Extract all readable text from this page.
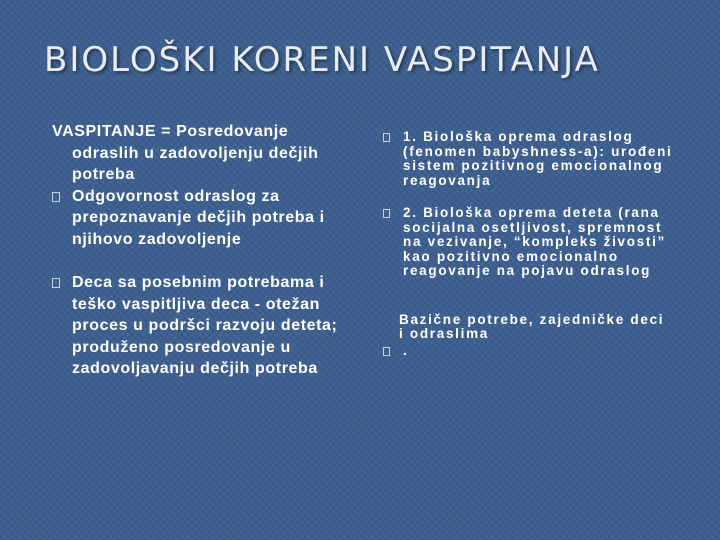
BIOLOŠKI KORENI VASPITANJA
VASPITANJE = Posredovanje
odraslih u zadovoljenju dečjih potreba
Odgovornost odraslog za prepoznavanje dečjih potreba i njihovo zadovoljenje
Deca sa posebnim potrebama i teško vaspitljiva deca - otežan proces u podršci razvoju deteta; produženo posredovanje u zadovoljavanju dečjih potreba
1. Biološka oprema odraslog (fenomen babyshness-a): urođeni sistem pozitivnog emocionalnog reagovanja
2. Biološka oprema deteta (rana socijalna osetljivost, spremnost na vezivanje, “kompleks živosti” kao pozitivno emocionalno reagovanje na pojavu odraslog
Bazične potrebe, zajedničke deci i odraslima
.
